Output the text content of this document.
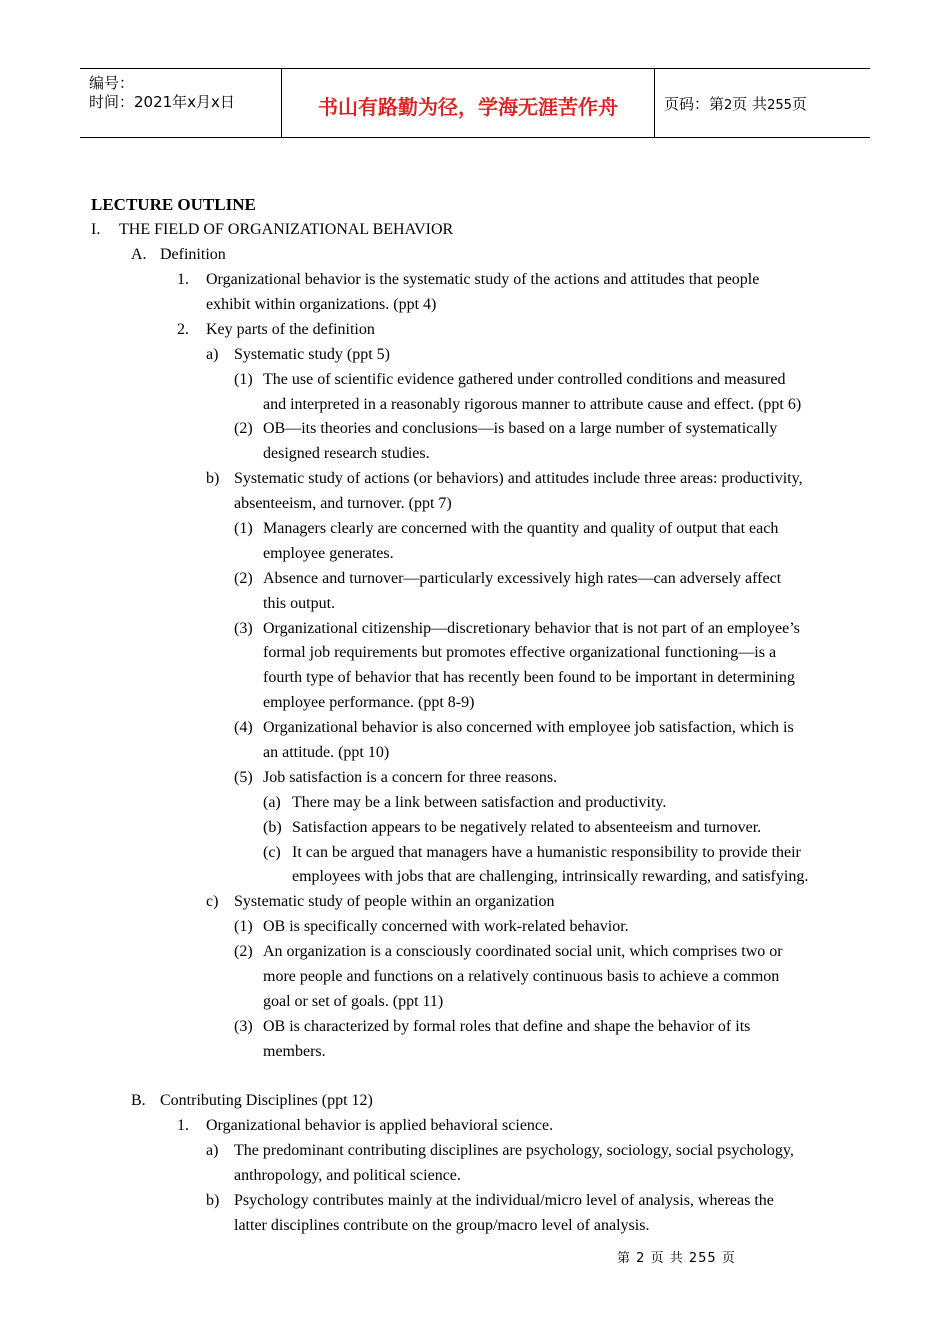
编号：
时间：2021年x月x日	书山有路勤为径，学海无涯苦作舟	页码：第2页 共255页
LECTURE OUTLINE
I. THE FIELD OF ORGANIZATIONAL BEHAVIOR
A. Definition
1. Organizational behavior is the systematic study of the actions and attitudes that people
exhibit within organizations. (ppt 4)
2. Key parts of the definition
a) Systematic study (ppt 5)
(1) The use of scientific evidence gathered under controlled conditions and measured
and interpreted in a reasonably rigorous manner to attribute cause and effect. (ppt 6)
(2) OB—its theories and conclusions—is based on a large number of systematically
designed research studies.
b) Systematic study of actions (or behaviors) and attitudes include three areas: productivity,
absenteeism, and turnover. (ppt 7)
(1) Managers clearly are concerned with the quantity and quality of output that each
employee generates.
(2) Absence and turnover—particularly excessively high rates—can adversely affect
this output.
(3) Organizational citizenship—discretionary behavior that is not part of an employee’s
formal job requirements but promotes effective organizational functioning—is a
fourth type of behavior that has recently been found to be important in determining
employee performance. (ppt 8-9)
(4) Organizational behavior is also concerned with employee job satisfaction, which is
an attitude. (ppt 10)
(5) Job satisfaction is a concern for three reasons.
(a) There may be a link between satisfaction and productivity.
(b) Satisfaction appears to be negatively related to absenteeism and turnover.
(c) It can be argued that managers have a humanistic responsibility to provide their
employees with jobs that are challenging, intrinsically rewarding, and satisfying.
c) Systematic study of people within an organization
(1) OB is specifically concerned with work-related behavior.
(2) An organization is a consciously coordinated social unit, which comprises two or
more people and functions on a relatively continuous basis to achieve a common
goal or set of goals. (ppt 11)
(3) OB is characterized by formal roles that define and shape the behavior of its
members.
B. Contributing Disciplines (ppt 12)
1. Organizational behavior is applied behavioral science.
a) The predominant contributing disciplines are psychology, sociology, social psychology,
anthropology, and political science.
b) Psychology contributes mainly at the individual/micro level of analysis, whereas the
latter disciplines contribute on the group/macro level of analysis.
第 2 页 共 255 页
